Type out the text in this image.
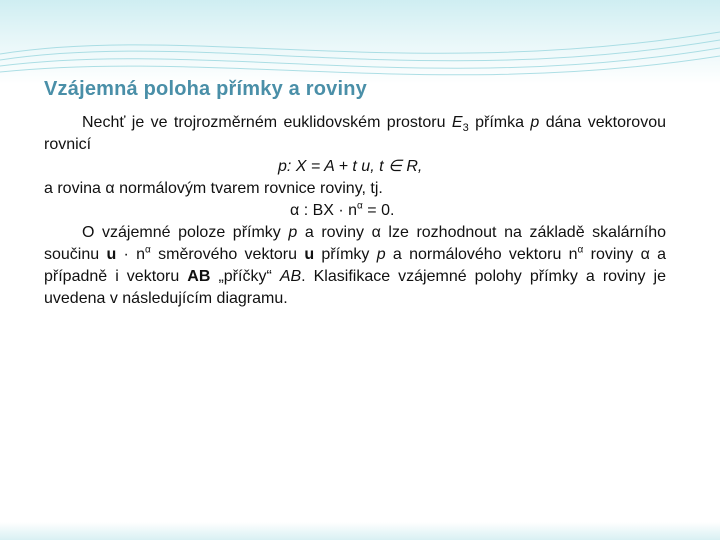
Vzájemná poloha přímky a roviny

Nechť je ve trojrozměrném euklidovském prostoru $E_3$ přímka p dána vektorovou rovnicí

p: X = A + t u, t ∈ R,

a rovina α normálovým tvarem rovnice roviny, tj.

α : BX · $n^\alpha = 0$.

O vzájemné poloze přímky p a roviny α lze rozhodnout na základě skalárního součinu $u \cdot n^\alpha$ směrového vektoru u přímky p a normálového vektoru $n^\alpha$ roviny α a případně i vektoru AB „příčky“ AB. Klasifikace vzájemné polohy přímky a roviny je uvedena v následujícím diagramu.
